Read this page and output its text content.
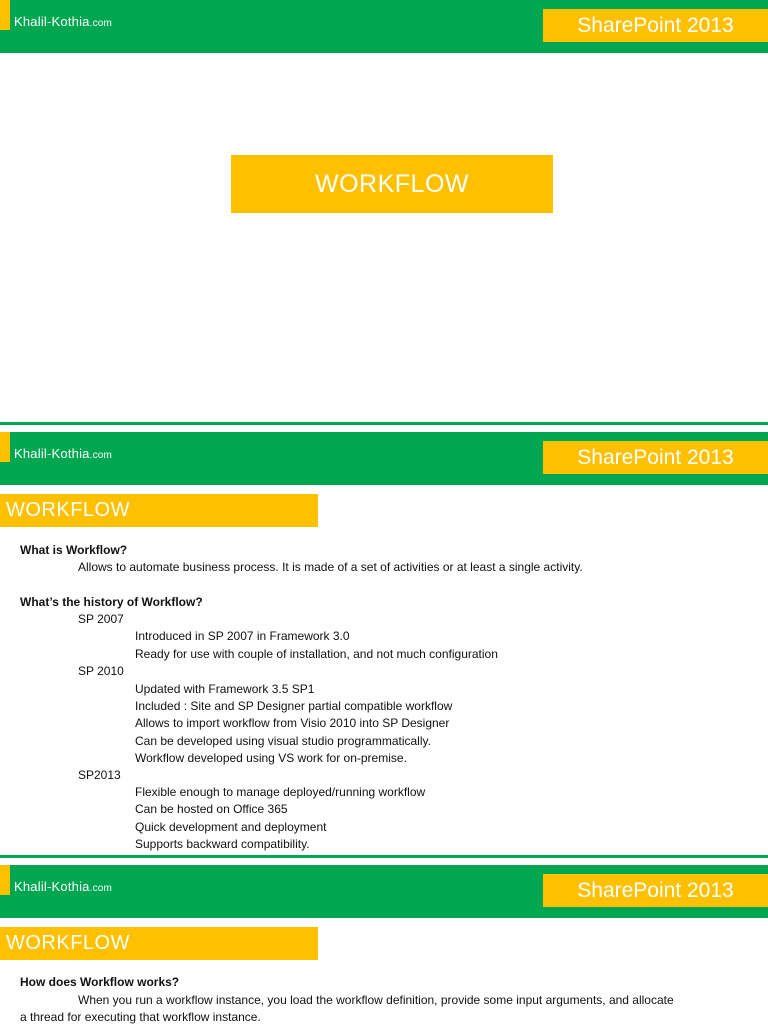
Khalil-Kothia.com	SharePoint 2013
WORKFLOW
Khalil-Kothia.com	SharePoint 2013
WORKFLOW
What is Workflow?
Allows to automate business process. It is made of a set of activities or at least a single activity.
What’s the history of Workflow?
SP 2007
Introduced in SP 2007 in Framework 3.0
Ready for use with couple of installation, and not much configuration
SP 2010
Updated with Framework 3.5 SP1
Included : Site and SP Designer partial compatible workflow
Allows to import workflow from Visio 2010 into SP Designer
Can be developed using visual studio programmatically.
Workflow developed using VS work for on-premise.
SP2013
Flexible enough to manage deployed/running workflow
Can be hosted on Office 365
Quick development and deployment
Supports backward compatibility.
Khalil-Kothia.com	SharePoint 2013
WORKFLOW
How does Workflow works?
When you run a workflow instance, you load the workflow definition, provide some input arguments, and allocate
a thread for executing that workflow instance.
